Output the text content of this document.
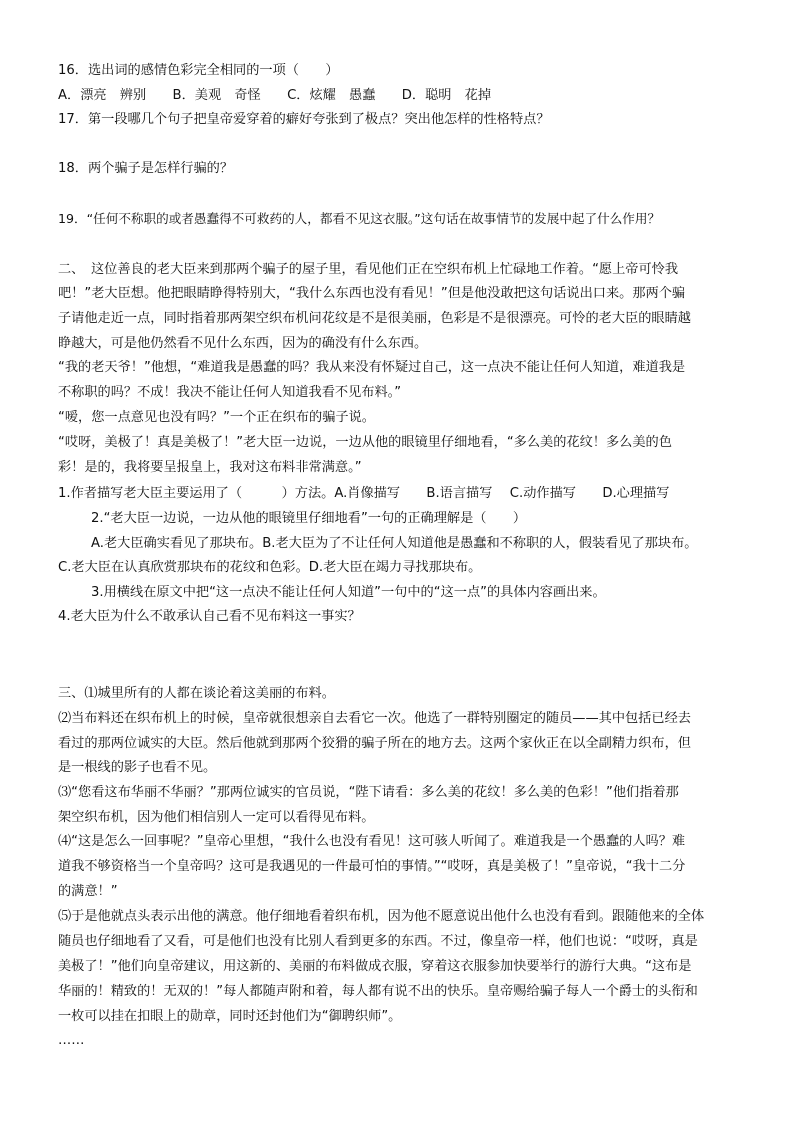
16．选出词的感情色彩完全相同的一项（　　）
A．漂亮　辨别　　B．美观　奇怪　　C．炫耀　愚蠢　　D．聪明　花掉
17．第一段哪几个句子把皇帝爱穿着的癖好夸张到了极点？突出他怎样的性格特点？
18．两个骗子是怎样行骗的？
19．“任何不称职的或者愚蠢得不可救药的人，都看不见这衣服。”这句话在故事情节的发展中起了什么作用？
二、　这位善良的老大臣来到那两个骗子的屋子里，看见他们正在空织布机上忙碌地工作着。“愿上帝可怜我
吧！”老大臣想。他把眼睛睁得特别大，“我什么东西也没有看见！”但是他没敢把这句话说出口来。那两个骗
子请他走近一点，同时指着那两架空织布机问花纹是不是很美丽，色彩是不是很漂亮。可怜的老大臣的眼睛越
睁越大，可是他仍然看不见什么东西，因为的确没有什么东西。
“我的老天爷！”他想，“难道我是愚蠢的吗？我从来没有怀疑过自己，这一点决不能让任何人知道，难道我是
不称职的吗？不成！我决不能让任何人知道我看不见布料。”
“嗳，您一点意见也没有吗？”一个正在织布的骗子说。
“哎呀，美极了！真是美极了！”老大臣一边说，一边从他的眼镜里仔细地看，“多么美的花纹！多么美的色
彩！是的，我将要呈报皇上，我对这布料非常满意。”
1.作者描写老大臣主要运用了（　　　）方法。A.肖像描写　　B.语言描写　 C.动作描写　　D.心理描写
2.“老大臣一边说，一边从他的眼镜里仔细地看”一句的正确理解是（　　）
A.老大臣确实看见了那块布。B.老大臣为了不让任何人知道他是愚蠢和不称职的人，假装看见了那块布。
C.老大臣在认真欣赏那块布的花纹和色彩。D.老大臣在竭力寻找那块布。
3.用横线在原文中把“这一点决不能让任何人知道”一句中的“这一点”的具体内容画出来。
4.老大臣为什么不敢承认自己看不见布料这一事实？
三、⑴城里所有的人都在谈论着这美丽的布料。
⑵当布料还在织布机上的时候，皇帝就很想亲自去看它一次。他选了一群特别圈定的随员——其中包括已经去
看过的那两位诚实的大臣。然后他就到那两个狡猾的骗子所在的地方去。这两个家伙正在以全副精力织布，但
是一根线的影子也看不见。
⑶“您看这布华丽不华丽？”那两位诚实的官员说，“陛下请看：多么美的花纹！多么美的色彩！”他们指着那
架空织布机，因为他们相信别人一定可以看得见布料。
⑷“这是怎么一回事呢？”皇帝心里想，“我什么也没有看见！这可骇人听闻了。难道我是一个愚蠢的人吗？难
道我不够资格当一个皇帝吗？这可是我遇见的一件最可怕的事情。”“哎呀，真是美极了！”皇帝说，“我十二分
的满意！”
⑸于是他就点头表示出他的满意。他仔细地看着织布机，因为他不愿意说出他什么也没有看到。跟随他来的全体
随员也仔细地看了又看，可是他们也没有比别人看到更多的东西。不过，像皇帝一样，他们也说：“哎呀，真是
美极了！”他们向皇帝建议，用这新的、美丽的布料做成衣服，穿着这衣服参加快要举行的游行大典。“这布是
华丽的！精致的！无双的！”每人都随声附和着，每人都有说不出的快乐。皇帝赐给骗子每人一个爵士的头衔和
一枚可以挂在扣眼上的勋章，同时还封他们为“御聘织师”。
……
